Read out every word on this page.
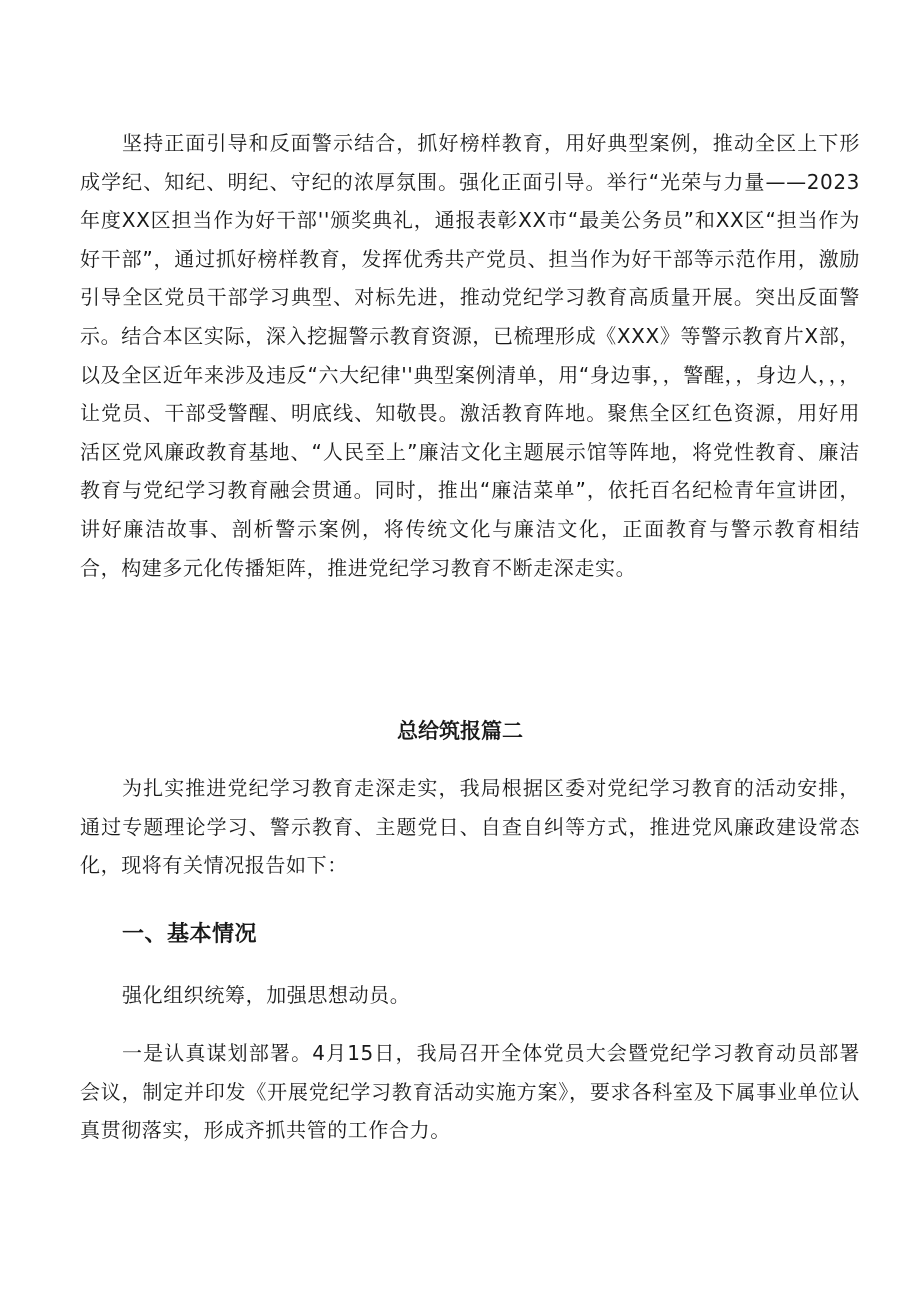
坚持正面引导和反面警示结合，抓好榜样教育，用好典型案例，推动全区上下形成学纪、知纪、明纪、守纪的浓厚氛围。强化正面引导。举行“光荣与力量——2023年度XX区担当作为好干部''颁奖典礼，通报表彰XX市“最美公务员”和XX区“担当作为好干部”，通过抓好榜样教育，发挥优秀共产党员、担当作为好干部等示范作用，激励引导全区党员干部学习典型、对标先进，推动党纪学习教育高质量开展。突出反面警示。结合本区实际，深入挖掘警示教育资源，已梳理形成《XXX》等警示教育片X部，以及全区近年来涉及违反“六大纪律''典型案例清单，用“身边事，，警醒，，身边人，，，让党员、干部受警醒、明底线、知敬畏。激活教育阵地。聚焦全区红色资源，用好用活区党风廉政教育基地、“人民至上”廉洁文化主题展示馆等阵地，将党性教育、廉洁教育与党纪学习教育融会贯通。同时，推出“廉洁菜单”，依托百名纪检青年宣讲团，讲好廉洁故事、剖析警示案例，将传统文化与廉洁文化，正面教育与警示教育相结合，构建多元化传播矩阵，推进党纪学习教育不断走深走实。

总给筑报篇二

为扎实推进党纪学习教育走深走实，我局根据区委对党纪学习教育的活动安排，通过专题理论学习、警示教育、主题党日、自查自纠等方式，推进党风廉政建设常态化，现将有关情况报告如下：

一、基本情况

强化组织统筹，加强思想动员。

一是认真谋划部署。4月15日，我局召开全体党员大会暨党纪学习教育动员部署会议，制定并印发《开展党纪学习教育活动实施方案》，要求各科室及下属事业单位认真贯彻落实，形成齐抓共管的工作合力。
